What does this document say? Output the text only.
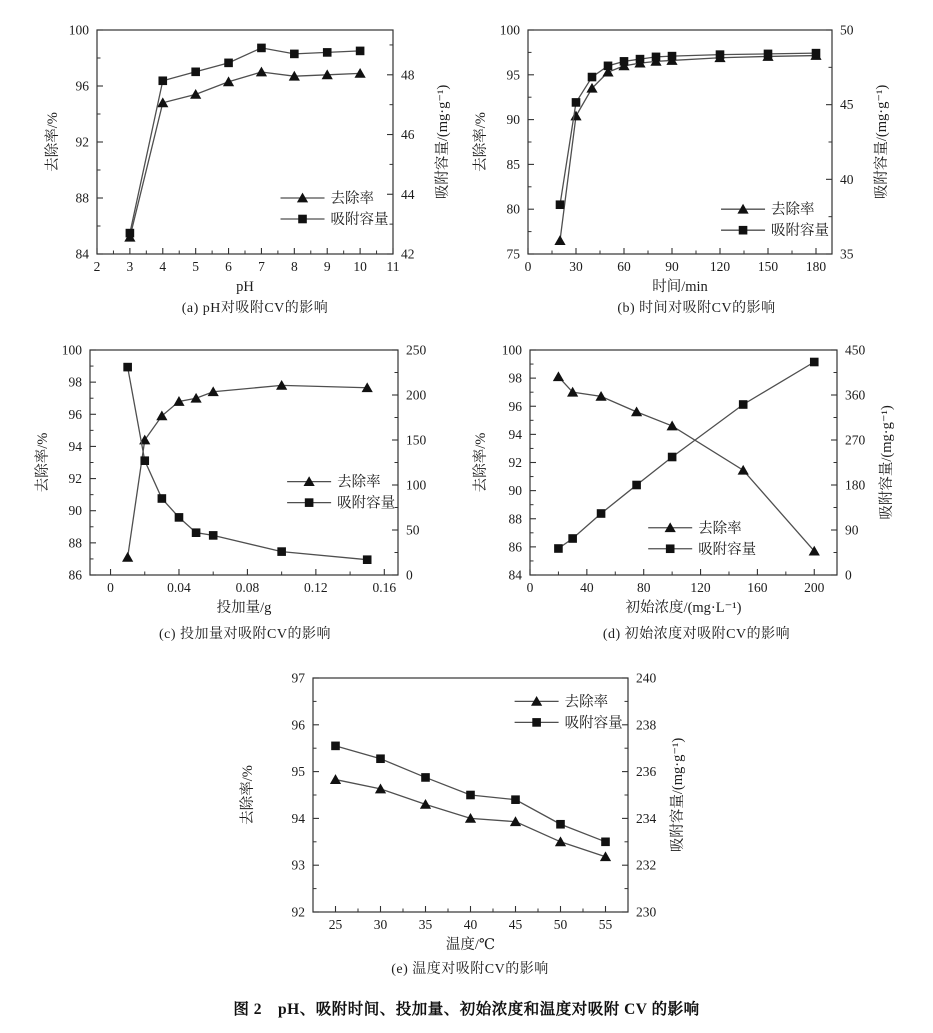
2 3 4 5 6 7 8 9 10 11
84
88
92
96
100
42
44
46
48
pH
去除率/%	吸附容量/(mg·g⁻¹)
去除率
吸附容量
(a) pH对吸附CV的影响
0	30	60	90 120 150 180
75
80
85
90
95
100
35
40
45
50
时间/min
去除率/%	吸附容量/(mg·g⁻¹)
去除率
吸附容量
(b) 时间对吸附CV的影响
0	0.04	0.08	0.12	0.16
86
88
90
92
94
96
98
100
0
50
100
150
200
250
投加量/g
去除率/%	去除率
吸附容量
(c) 投加量对吸附CV的影响
0	40	80	120	160	200
84
86
88
90
92
94
96
98
100
0
90
180
270
360
450
初始浓度/(mg·L⁻¹)
去除率/%	吸附容量/(mg·g⁻¹)
去除率
吸附容量
(d) 初始浓度对吸附CV的影响
25 30 35 40 45 50 55
92
93
94
95
96
97
230
232
234
236
238
240
温度/℃
去除率/%	吸附容量/(mg·g⁻¹)
去除率
吸附容量
(e) 温度对吸附CV的影响
图 2　pH、吸附时间、投加量、初始浓度和温度对吸附 CV 的影响
